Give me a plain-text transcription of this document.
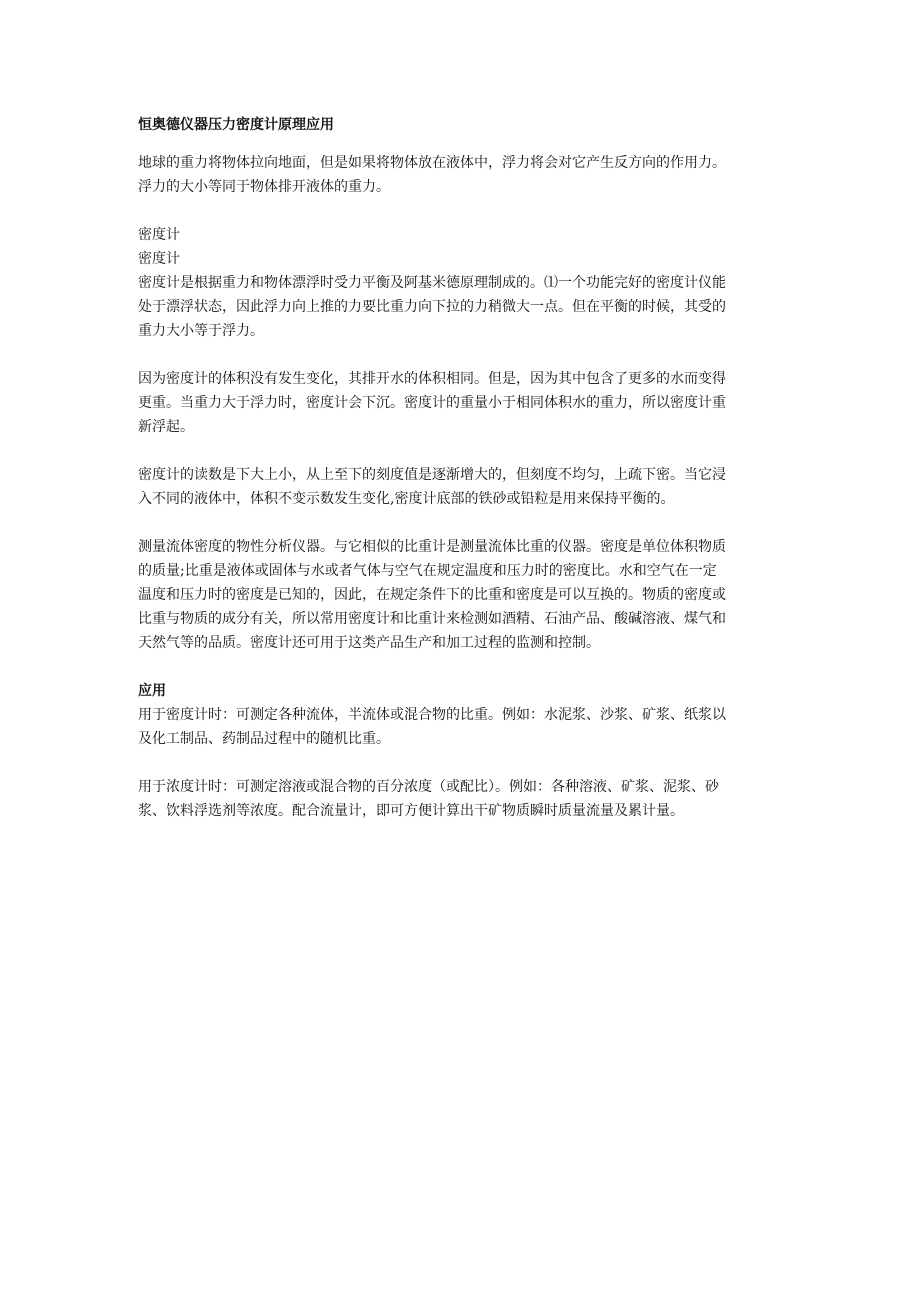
恒奥德仪器压力密度计原理应用

地球的重力将物体拉向地面，但是如果将物体放在液体中，浮力将会对它产生反方向的作用力。

浮力的大小等同于物体排开液体的重力。

密度计

密度计

密度计是根据重力和物体漂浮时受力平衡及阿基米德原理制成的。⑴一个功能完好的密度计仪能

处于漂浮状态，因此浮力向上推的力要比重力向下拉的力稍微大一点。但在平衡的时候，其受的

重力大小等于浮力。

因为密度计的体积没有发生变化，其排开水的体积相同。但是，因为其中包含了更多的水而变得

更重。当重力大于浮力时，密度计会下沉。密度计的重量小于相同体积水的重力，所以密度计重

新浮起。

密度计的读数是下大上小，从上至下的刻度值是逐渐增大的，但刻度不均匀，上疏下密。当它浸

入不同的液体中，体积不变示数发生变化,密度计底部的铁砂或铅粒是用来保持平衡的。

测量流体密度的物性分析仪器。与它相似的比重计是测量流体比重的仪器。密度是单位体积物质

的质量;比重是液体或固体与水或者气体与空气在规定温度和压力时的密度比。水和空气在一定

温度和压力时的密度是已知的，因此，在规定条件下的比重和密度是可以互换的。物质的密度或

比重与物质的成分有关，所以常用密度计和比重计来检测如酒精、石油产品、酸碱溶液、煤气和

天然气等的品质。密度计还可用于这类产品生产和加工过程的监测和控制。

应用

用于密度计时：可测定各种流体，半流体或混合物的比重。例如：水泥浆、沙浆、矿浆、纸浆以

及化工制品、药制品过程中的随机比重。

用于浓度计时：可测定溶液或混合物的百分浓度（或配比）。例如：各种溶液、矿浆、泥浆、砂

浆、饮料浮选剂等浓度。配合流量计，即可方便计算出干矿物质瞬时质量流量及累计量。
